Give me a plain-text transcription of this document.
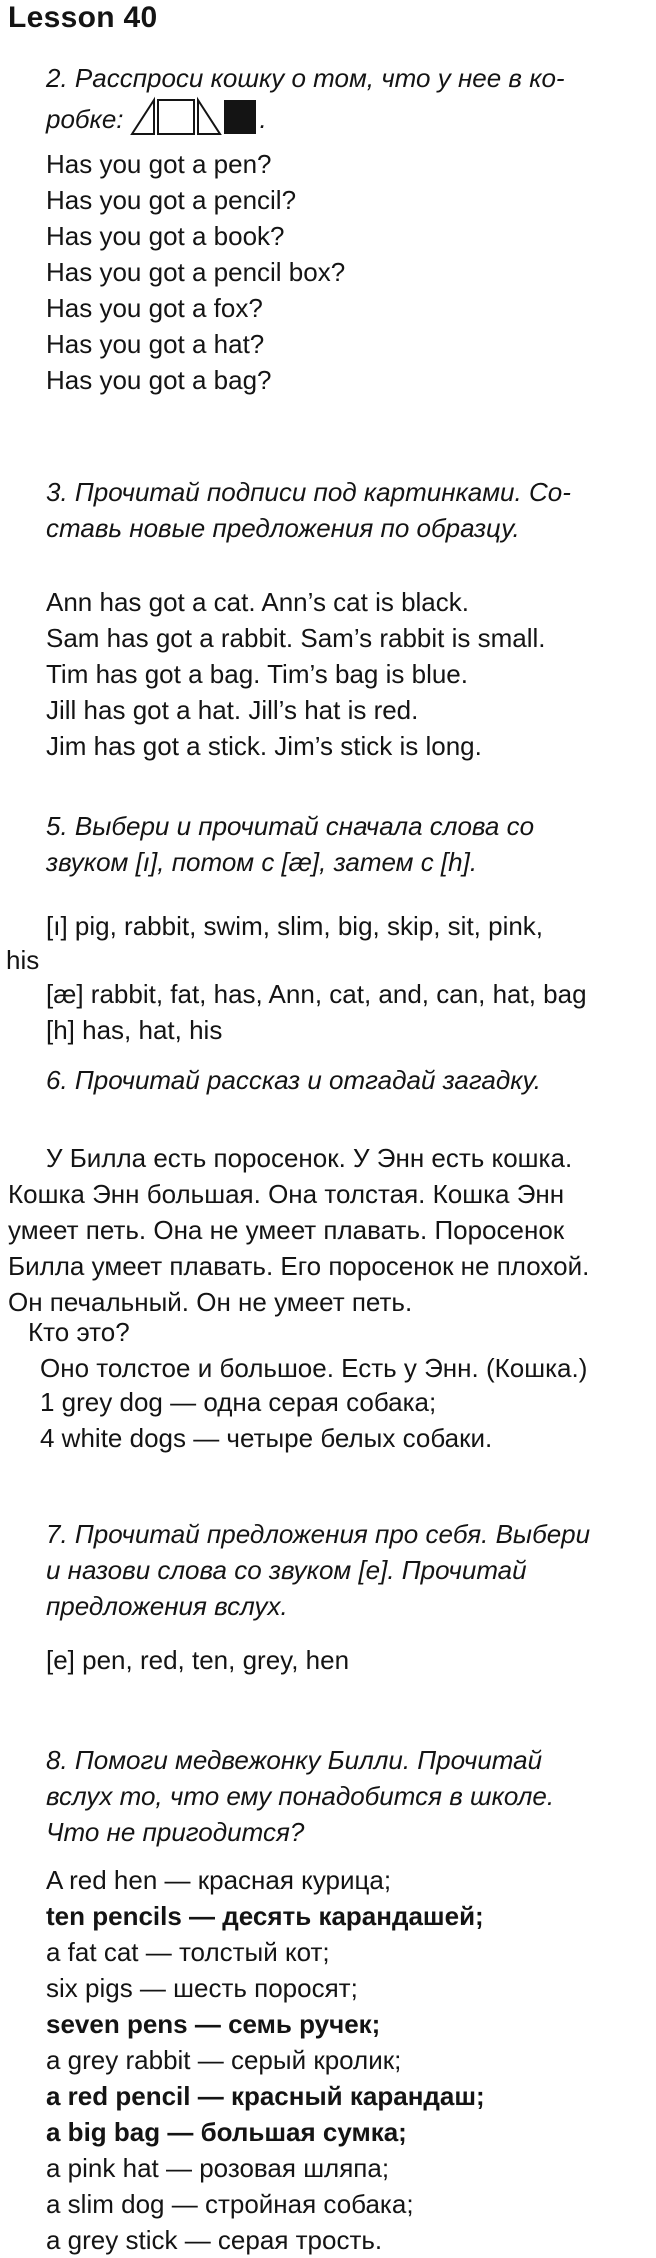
Lesson 40
2. Расспроси кошку о том, что у нее в ко-
робке:	.
Has you got a pen?
Has you got a pencil?
Has you got a book?
Has you got a pencil box?
Has you got a fox?
Has you got a hat?
Has you got a bag?
3. Прочитай подписи под картинками. Со-
ставь новые предложения по образцу.
Ann has got a cat. Ann’s cat is black.
Sam has got a rabbit. Sam’s rabbit is small.
Tim has got a bag. Tim’s bag is blue.
Jill has got a hat. Jill’s hat is red.
Jim has got a stick. Jim’s stick is long.
5. Выбери и прочитай сначала слова со
звуком [ı], потом с [æ], затем с [h].
[ı] pig, rabbit, swim, slim, big, skip, sit, pink,
his
[æ] rabbit, fat, has, Ann, cat, and, can, hat, bag
[h] has, hat, his
6. Прочитай рассказ и отгадай загадку.
У Билла есть поросенок. У Энн есть кошка.
Кошка Энн большая. Она толстая. Кошка Энн
умеет петь. Она не умеет плавать. Поросенок
Билла умеет плавать. Его поросенок не плохой.
Он печальный. Он не умеет петь.
Кто это?
Оно толстое и большое. Есть у Энн. (Кошка.)
1 grey dog — одна серая собака;
4 white dogs — четыре белых собаки.
7. Прочитай предложения про себя. Выбери
и назови слова со звуком [e]. Прочитай
предложения вслух.
[e] pen, red, ten, grey, hen
8. Помоги медвежонку Билли. Прочитай
вслух то, что ему понадобится в школе.
Что не пригодится?
A red hen — красная курица;
ten pencils — десять карандашей;
a fat cat — толстый кот;
six pigs — шесть поросят;
seven pens — семь ручек;
a grey rabbit — серый кролик;
a red pencil — красный карандаш;
a big bag — большая сумка;
a pink hat — розовая шляпа;
a slim dog — стройная собака;
a grey stick — серая трость.
